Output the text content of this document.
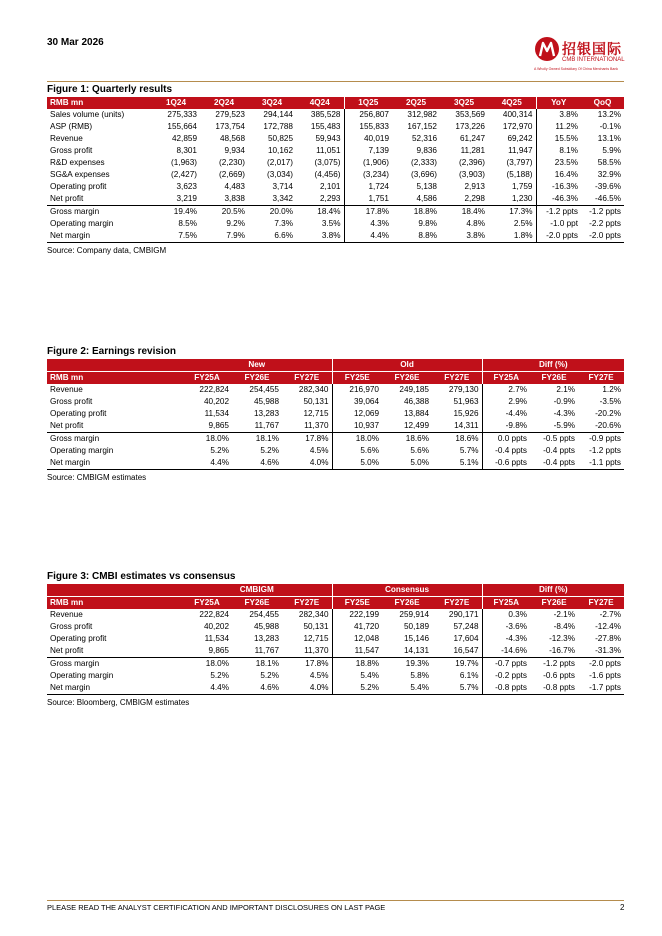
30 Mar 2026	招银国际
CMB INTERNATIONAL
A Wholly Owned Subsidiary Of China Merchants Bank
Figure 1: Quarterly results
RMB mn	1Q24	2Q24	3Q24	4Q24	1Q25	2Q25	3Q25	4Q25	YoY	QoQ
Sales volume (units)	275,333	279,523	294,144	385,528	256,807	312,982	353,569	400,314	3.8%	13.2%
ASP (RMB)	155,664	173,754	172,788	155,483	155,833	167,152	173,226	172,970	11.2%	-0.1%
Revenue	42,859	48,568	50,825	59,943	40,019	52,316	61,247	69,242	15.5%	13.1%
Gross profit	8,301	9,934	10,162	11,051	7,139	9,836	11,281	11,947	8.1%	5.9%
R&D expenses	(1,963)	(2,230)	(2,017)	(3,075)	(1,906)	(2,333)	(2,396)	(3,797)	23.5%	58.5%
SG&A expenses	(2,427)	(2,669)	(3,034)	(4,456)	(3,234)	(3,696)	(3,903)	(5,188)	16.4%	32.9%
Operating profit	3,623	4,483	3,714	2,101	1,724	5,138	2,913	1,759	-16.3%	-39.6%
Net profit	3,219	3,838	3,342	2,293	1,751	4,586	2,298	1,230	-46.3%	-46.5%
Gross margin	19.4%	20.5%	20.0%	18.4%	17.8%	18.8%	18.4%	17.3%	-1.2 ppts	-1.2 ppts
Operating margin	8.5%	9.2%	7.3%	3.5%	4.3%	9.8%	4.8%	2.5%	-1.0 ppt	-2.2 ppts
Net margin	7.5%	7.9%	6.6%	3.8%	4.4%	8.8%	3.8%	1.8%	-2.0 ppts	-2.0 ppts
Source: Company data, CMBIGM
Figure 2: Earnings revision
	New			Old			Diff (%)		
RMB mn	FY25A	FY26E	FY27E	FY25E	FY26E	FY27E	FY25A	FY26E	FY27E
Revenue	222,824	254,455	282,340	216,970	249,185	279,130	2.7%	2.1%	1.2%
Gross profit	40,202	45,988	50,131	39,064	46,388	51,963	2.9%	-0.9%	-3.5%
Operating profit	11,534	13,283	12,715	12,069	13,884	15,926	-4.4%	-4.3%	-20.2%
Net profit	9,865	11,767	11,370	10,937	12,499	14,311	-9.8%	-5.9%	-20.6%
Gross margin	18.0%	18.1%	17.8%	18.0%	18.6%	18.6%	0.0 ppts	-0.5 ppts	-0.9 ppts
Operating margin	5.2%	5.2%	4.5%	5.6%	5.6%	5.7%	-0.4 ppts	-0.4 ppts	-1.2 ppts
Net margin	4.4%	4.6%	4.0%	5.0%	5.0%	5.1%	-0.6 ppts	-0.4 ppts	-1.1 ppts
Source: CMBIGM estimates
Figure 3: CMBI estimates vs consensus
	CMBIGM			Consensus			Diff (%)		
RMB mn	FY25A	FY26E	FY27E	FY25E	FY26E	FY27E	FY25A	FY26E	FY27E
Revenue	222,824	254,455	282,340	222,199	259,914	290,171	0.3%	-2.1%	-2.7%
Gross profit	40,202	45,988	50,131	41,720	50,189	57,248	-3.6%	-8.4%	-12.4%
Operating profit	11,534	13,283	12,715	12,048	15,146	17,604	-4.3%	-12.3%	-27.8%
Net profit	9,865	11,767	11,370	11,547	14,131	16,547	-14.6%	-16.7%	-31.3%
Gross margin	18.0%	18.1%	17.8%	18.8%	19.3%	19.7%	-0.7 ppts	-1.2 ppts	-2.0 ppts
Operating margin	5.2%	5.2%	4.5%	5.4%	5.8%	6.1%	-0.2 ppts	-0.6 ppts	-1.6 ppts
Net margin	4.4%	4.6%	4.0%	5.2%	5.4%	5.7%	-0.8 ppts	-0.8 ppts	-1.7 ppts
Source: Bloomberg, CMBIGM estimates
PLEASE READ THE ANALYST CERTIFICATION AND IMPORTANT DISCLOSURES ON LAST PAGE	2
